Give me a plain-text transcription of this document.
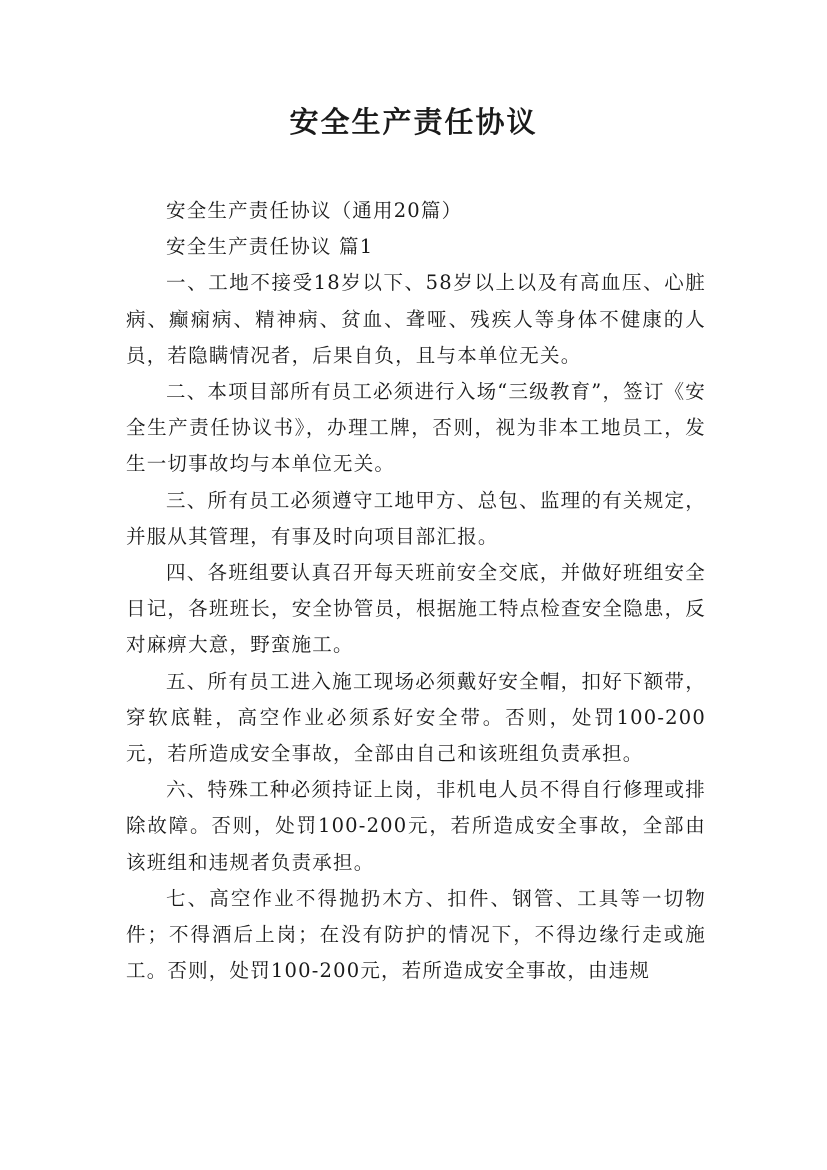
安全生产责任协议

安全生产责任协议（通用20篇）

安全生产责任协议 篇1

一、工地不接受18岁以下、58岁以上以及有高血压、心脏病、癫痫病、精神病、贫血、聋哑、残疾人等身体不健康的人员，若隐瞒情况者，后果自负，且与本单位无关。

二、本项目部所有员工必须进行入场“三级教育”，签订《安全生产责任协议书》，办理工牌，否则，视为非本工地员工，发生一切事故均与本单位无关。

三、所有员工必须遵守工地甲方、总包、监理的有关规定，并服从其管理，有事及时向项目部汇报。

四、各班组要认真召开每天班前安全交底，并做好班组安全日记，各班班长，安全协管员，根据施工特点检查安全隐患，反对麻痹大意，野蛮施工。

五、所有员工进入施工现场必须戴好安全帽，扣好下额带，穿软底鞋，高空作业必须系好安全带。否则，处罚100-200元，若所造成安全事故，全部由自己和该班组负责承担。

六、特殊工种必须持证上岗，非机电人员不得自行修理或排除故障。否则，处罚100-200元，若所造成安全事故，全部由该班组和违规者负责承担。

七、高空作业不得抛扔木方、扣件、钢管、工具等一切物件；不得酒后上岗；在没有防护的情况下，不得边缘行走或施工。否则，处罚100-200元，若所造成安全事故，由违规
